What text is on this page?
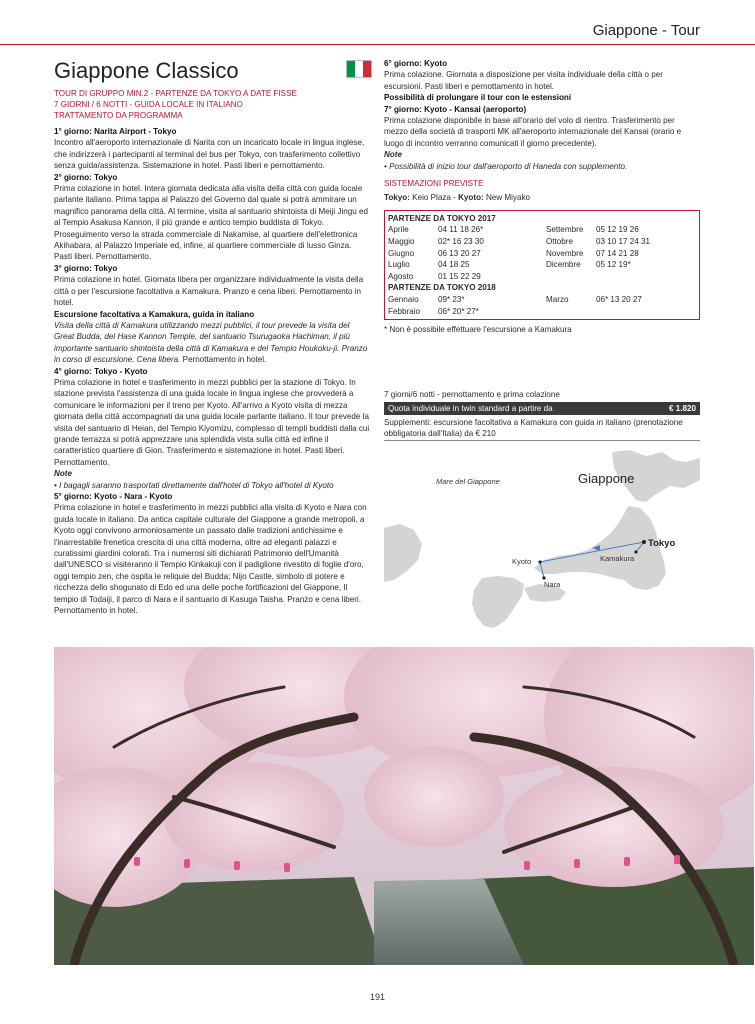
Giappone - Tour
Giappone Classico
TOUR DI GRUPPO MIN.2 - PARTENZE DA TOKYO A DATE FISSE
7 GIORNI / 6 NOTTI - GUIDA LOCALE IN ITALIANO
TRATTAMENTO DA PROGRAMMA

1° giorno: Narita Airport - Tokyo

Incontro all'aeroporto internazionale di Narita con un incaricato locale in lingua inglese, che indirizzerà i partecipanti al terminal del bus per Tokyo, con trasferimento collettivo senza guida/assistenza. Sistemazione in hotel. Pasti liberi e pernottamento.

2° giorno: Tokyo

Prima colazione in hotel. Intera giornata dedicata alla visita della città con guida locale parlante italiano. Prima tappa al Palazzo del Governo dal quale si potrà ammirare un magnifico panorama della città. Al termine, visita al santuario shintoista di Meiji Jingu ed al Tempio Asakusa Kannon, il più grande e antico tempio buddista di Tokyo. Proseguimento verso la strada commerciale di Nakamise, al quartiere dell'elettronica Akihabara, al Palazzo Imperiale ed, infine, al quartiere commerciale di lusso Ginza. Pasti liberi. Pernottamento.

3° giorno: Tokyo

Prima colazione in hotel. Giornata libera per organizzare individualmente la visita della città o per l'escursione facoltativa a Kamakura. Pranzo e cena liberi. Pernottamento in hotel.

Escursione facoltativa a Kamakura, guida in italiano

Visita della città di Kamakura utilizzando mezzi pubblici, il tour prevede la visita del Great Budda, del Hase Kannon Temple, del santuario Tsurugaoka Hachiman, il più importante santuario shintoista della città di Kamakura e del Tempio Houkoku-ji. Pranzo in corso di escursione. Cena libera. Pernottamento in hotel.

4° giorno: Tokyo - Kyoto

Prima colazione in hotel e trasferimento in mezzi pubblici per la stazione di Tokyo. In stazione prevista l'assistenza di una guida locale in lingua inglese che provvederà a comunicare le informazioni per il treno per Kyoto. All'arrivo a Kyoto visita di mezza giornata della città accompagnati da una guida locale parlante italiano. Il tour prevede la visita del santuario di Heian, del Tempio Kiyomizu, complesso di templi buddisti dalla cui grande terrazza si potrà apprezzare una splendida vista sulla città ed infine il caratteristico quartiere di Gion. Trasferimento e sistemazione in hotel. Pasti liberi. Pernottamento.

Note

• I bagagli saranno trasportati direttamente dall'hotel di Tokyo all'hotel di Kyoto

5° giorno: Kyoto - Nara - Kyoto

Prima colazione in hotel e trasferimento in mezzi pubblici alla visita di Kyoto e Nara con guida locale in italiano. Da antica capitale culturale del Giappone a grande metropoli, a Kyoto oggi convivono armoniosamente un passato dalle tradizioni antichissime e l'inarrestabile frenetica crescita di una città moderna, oltre ad eleganti palazzi e curatissimi giardini colorati. Tra i numerosi siti dichiarati Patrimonio dell'Umanità dall'UNESCO si visiteranno il Tempio Kinkakuji con il padiglione rivestito di foglie d'oro, oggi tempio zen, che ospita le reliquie del Budda; Nijo Castle, simbolo di potere e ricchezza dello shogunato di Edo ed una delle poche fortificazioni del Giappone, Il tempio di Todaiji, il parco di Nara e il santuario di Kasuga Taisha. Pranzo e cena liberi. Pernottamento in hotel.

6° giorno: Kyoto

Prima colazione. Giornata a disposizione per visita individuale della città o per escursioni. Pasti liberi e pernottamento in hotel.

Possibilità di prolungare il tour con le estensioni

7° giorno: Kyoto - Kansai (aeroporto)

Prima colazione disponibile in base all'orario del volo di rientro. Trasferimento per mezzo della società di trasporti MK all'aeroporto internazionale del Kansai (orario e luogo di incontro verranno comunicati il giorno precedente).

Note

• Possibilità di inizio tour dall'aeroporto di Haneda con supplemento.

SISTEMAZIONI PREVISTE

Tokyo: Keio Plaza - Kyoto: New Miyako

PARTENZE DA TOKYO 2017
Aprile	04 11 18 26*	Settembre	05 12 19 26
Maggio	02* 16 23 30	Ottobre	03 10 17 24 31
Giugno	06 13 20 27	Novembre	07 14 21 28
Luglio	04 18 25	Dicembre	05 12 19*
Agosto	01 15 22 29
PARTENZE DA TOKYO 2018
Gennaio	09* 23*	Marzo	06* 13 20 27
Febbraio	06* 20* 27*

* Non è possibile effettuare l'escursione a Kamakura

7 giorni/6 notti - pernottamento e prima colazione

Quota individuale in twin standard a partire da	€ 1.820

Supplementi: escursione facoltativa a Kamakura con guida in italiano (prenotazione obbligatoria dall'Italia) da € 210

Giappone
Mare del Giappone
Tokyo
Kamakura
Kyoto
Nara
191
